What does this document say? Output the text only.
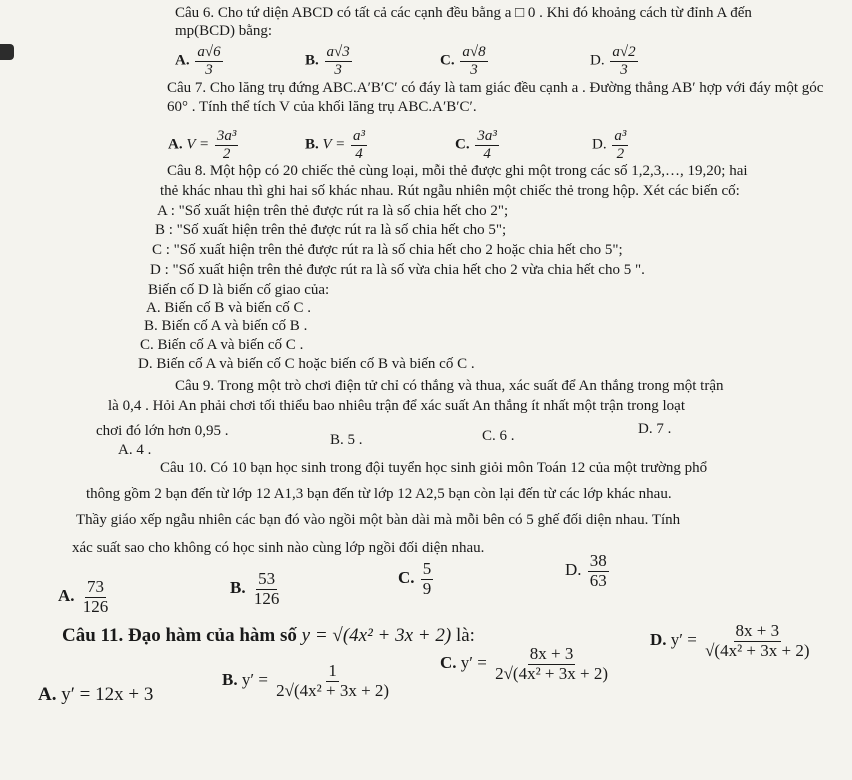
Câu 6. Cho tứ diện ABCD có tất cả các cạnh đều bằng a □ 0 . Khi đó khoảng cách từ đỉnh A đến
mp(BCD) bằng:
A. $\frac{a√6}{3}$	B. $\frac{a√3}{3}$	C. $\frac{a√8}{3}$	D. $\frac{a√2}{3}$
Câu 7. Cho lăng trụ đứng ABC.A′B′C′ có đáy là tam giác đều cạnh a . Đường thẳng AB′ hợp với đáy một góc
60° . Tính thể tích V của khối lăng trụ ABC.A′B′C′.
A. $V = \frac{\text{3a³}}{2}$	B. $V = \frac{\text{a³}}{4}$	C. $\frac{\text{3a³}}{4}$	D. $\frac{\text{a³}}{2}$
Câu 8. Một hộp có 20 chiếc thẻ cùng loại, mỗi thẻ được ghi một trong các số 1,2,3,…, 19,20; hai
thẻ khác nhau thì ghi hai số khác nhau. Rút ngẫu nhiên một chiếc thẻ trong hộp. Xét các biến cố:
A : "Số xuất hiện trên thẻ được rút ra là số chia hết cho 2";
B : "Số xuất hiện trên thẻ được rút ra là số chia hết cho 5";
C : "Số xuất hiện trên thẻ được rút ra là số chia hết cho 2 hoặc chia hết cho 5";
D : "Số xuất hiện trên thẻ được rút ra là số vừa chia hết cho 2 vừa chia hết cho 5 ".
Biến cố D là biến cố giao của:
A. Biến cố B và biến cố C .
B. Biến cố A và biến cố B .
C. Biến cố A và biến cố C .
D. Biến cố A và biến cố C hoặc biến cố B và biến cố C .
Câu 9. Trong một trò chơi điện tử chỉ có thắng và thua, xác suất để An thắng trong một trận
là 0,4 . Hỏi An phải chơi tối thiểu bao nhiêu trận để xác suất An thắng ít nhất một trận trong loạt
chơi đó lớn hơn 0,95 .
A. 4 .
B. 5 .	C. 6 .	D. 7 .
Câu 10. Có 10 bạn học sinh trong đội tuyển học sinh giỏi môn Toán 12 của một trường phổ
thông gồm 2 bạn đến từ lớp 12 A1,3 bạn đến từ lớp 12 A2,5 bạn còn lại đến từ các lớp khác nhau.
Thầy giáo xếp ngẫu nhiên các bạn đó vào ngồi một bàn dài mà mỗi bên có 5 ghế đối diện nhau. Tính
xác suất sao cho không có học sinh nào cùng lớp ngồi đối diện nhau.
A. $\frac{73}{126}$	B. $\frac{53}{126}$	C. $\frac{5}{9}$	D. $\frac{38}{63}$
Câu 11. Đạo hàm của hàm số y = √(4x² + 3x + 2) là:
A. y′ = 12x + 3
B. $y' = \frac{1}{\text{2√(4x² + 3x + 2)}}$	C. $y' = \frac{8x + 3}{\text{2√(4x² + 3x + 2)}}$
D. $y' = \frac{8x + 3}{\text{√(4x² + 3x + 2)}}$
